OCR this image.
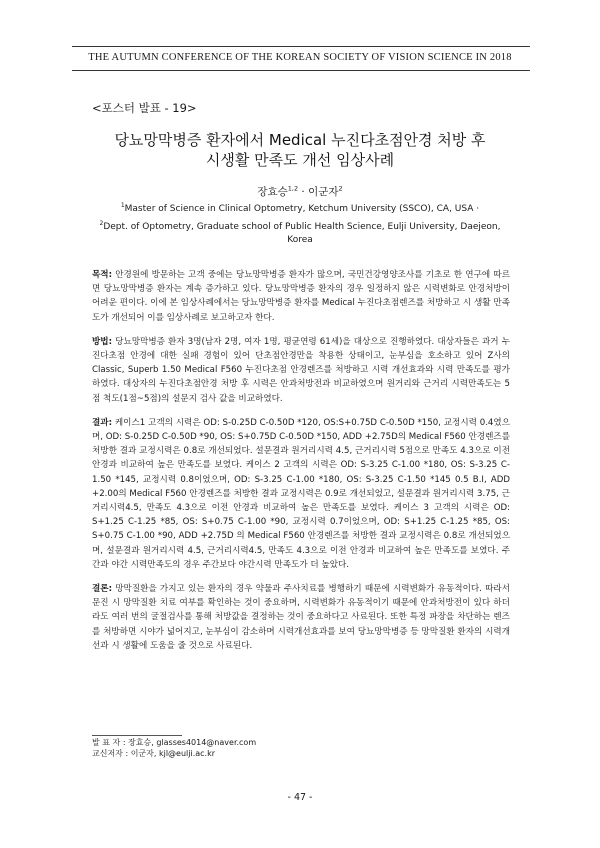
THE AUTUMN CONFERENCE OF THE KOREAN SOCIETY OF VISION SCIENCE IN 2018
<포스터 발표 - 19>
당뇨망막병증 환자에서 Medical 누진다초점안경 처방 후
시생활 만족도 개선 임상사례
장효승$^{1,2}$ · 이군자$^2$
$^1$Master of Science in Clinical Optometry, Ketchum University (SSCO), CA, USA ·
$^2$Dept. of Optometry, Graduate school of Public Health Science, Eulji University, Daejeon, Korea

목적: 안경원에 방문하는 고객 중에는 당뇨망막병증 환자가 많으며, 국민건강영양조사를 기초로 한 연구에 따르면 당뇨망막병증 환자는 계속 증가하고 있다. 당뇨망막병증 환자의 경우 일정하지 않은 시력변화로 안경처방이 어려운 편이다. 이에 본 임상사례에서는 당뇨망막병증 환자를 Medical 누진다초점렌즈를 처방하고 시 생활 만족도가 개선되어 이를 임상사례로 보고하고자 한다.

방법: 당뇨망막병증 환자 3명(남자 2명, 여자 1명, 평균연령 61세)을 대상으로 진행하였다. 대상자들은 과거 누진다초점 안경에 대한 실패 경험이 있어 단초점안경만을 착용한 상태이고, 눈부심을 호소하고 있어 Z사의 Classic, Superb 1.50 Medical F560 누진다초점 안경렌즈를 처방하고 시력 개선효과와 시력 만족도를 평가하였다. 대상자의 누진다초점안경 처방 후 시력은 안과처방전과 비교하였으며 원거리와 근거리 시력만족도는 5점 척도(1점~5점)의 설문지 검사 값을 비교하였다.

결과: 케이스1 고객의 시력은 OD: S-0.25D C-0.50D *120, OS:S+0.75D C-0.50D *150, 교정시력 0.4였으며, OD: S-0.25D C-0.50D *90, OS: S+0.75D C-0.50D *150, ADD +2.75D의 Medical F560 안경렌즈를 처방한 결과 교정시력은 0.8로 개선되었다. 설문결과 원거리시력 4.5, 근거리시력 5점으로 만족도 4.3으로 이전 안경과 비교하여 높은 만족도를 보였다. 케이스 2 고객의 시력은 OD: S-3.25 C-1.00 *180, OS: S-3.25 C-1.50 *145, 교정시력 0.8이었으며, OD: S-3.25 C-1.00 *180, OS: S-3.25 C-1.50 *145 0.5 B.I, ADD +2.00의 Medical F560 안경렌즈를 처방한 결과 교정시력은 0.9로 개선되었고, 설문결과 원거리시력 3.75, 근거리시력4.5, 만족도 4.3으로 이전 안경과 비교하여 높은 만족도를 보였다. 케이스 3 고객의 시력은 OD: S+1.25 C-1.25 *85, OS: S+0.75 C-1.00 *90, 교정시력 0.7이었으며, OD: S+1.25 C-1.25 *85, OS: S+0.75 C-1.00 *90, ADD +2.75D 의 Medical F560 안경렌즈를 처방한 결과 교정시력은 0.8로 개선되었으며, 설문결과 원거리시력 4.5, 근거리시력4.5, 만족도 4.3으로 이전 안경과 비교하여 높은 만족도를 보였다. 주간과 야간 시력만족도의 경우 주간보다 야간시력 만족도가 더 높았다.

결론: 망막질환을 가지고 있는 환자의 경우 약물과 주사치료를 병행하기 때문에 시력변화가 유동적이다. 따라서 문진 시 망막질환 치료 여부를 확인하는 것이 중요하며, 시력변화가 유동적이기 때문에 안과처방전이 있다 하더라도 여러 번의 굴절검사를 통해 처방값을 결정하는 것이 중요하다고 사료된다. 또한 특정 파장을 차단하는 렌즈를 처방하면 시야가 넓어지고, 눈부심이 감소하며 시력개선효과를 보여 당뇨망막병증 등 망막질환 환자의 시력개선과 시 생활에 도움을 줄 것으로 사료된다.

발 표 자 : 장효승, glasses4014@naver.com
교신저자 : 이군자, kjl@eulji.ac.kr
- 47 -
